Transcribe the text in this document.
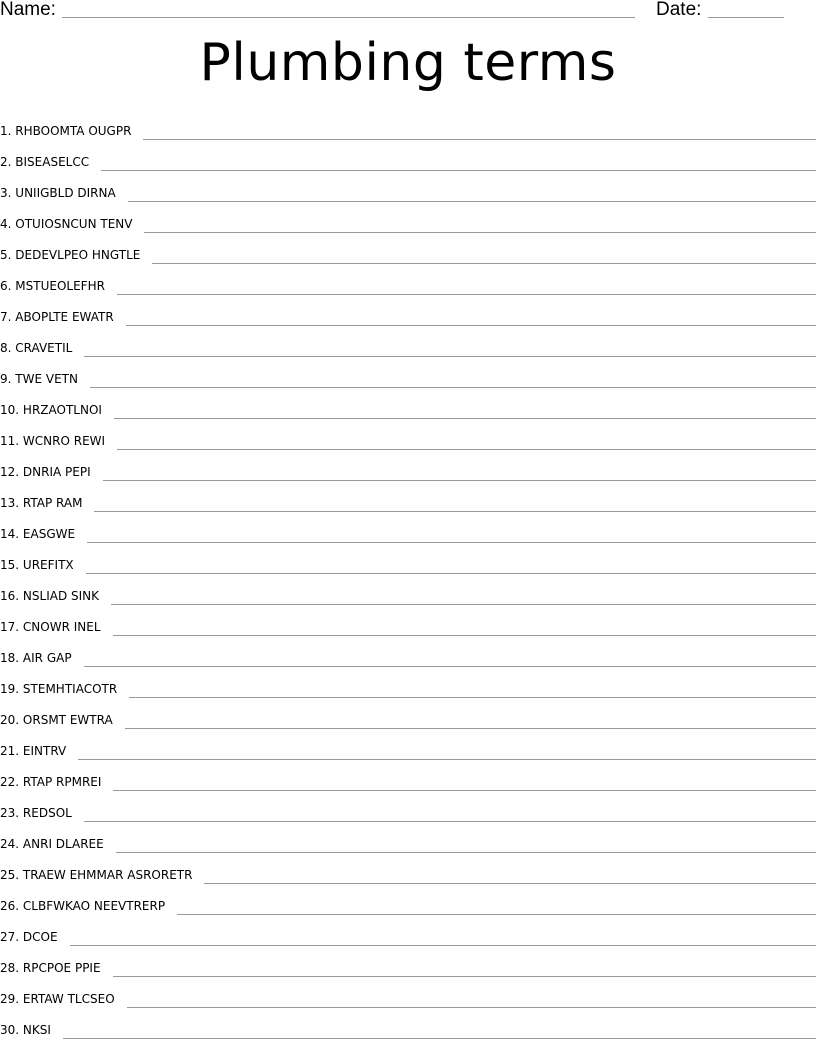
Name:	Date:
Plumbing terms
1.
RHBOOMTA OUGPR
2.
BISEASELCC
3.
UNIIGBLD DIRNA
4.
OTUIOSNCUN TENV
5.
DEDEVLPEO HNGTLE
6.
MSTUEOLEFHR
7.
ABOPLTE EWATR
8.
CRAVETIL
9.
TWE VETN
10.
HRZAOTLNOI
11.
WCNRO REWI
12.
DNRIA PEPI
13.
RTAP RAM
14.
EASGWE
15.
UREFITX
16.
NSLIAD SINK
17.
CNOWR INEL
18.
AIR GAP
19.
STEMHTIACOTR
20.
ORSMT EWTRA
21.
EINTRV
22.
RTAP RPMREI
23.
REDSOL
24.
ANRI DLAREE
25.
TRAEW EHMMAR ASRORETR
26.
CLBFWKAO NEEVTRERP
27.
DCOE
28.
RPCPOE PPIE
29.
ERTAW TLCSEO
30.
NKSI
